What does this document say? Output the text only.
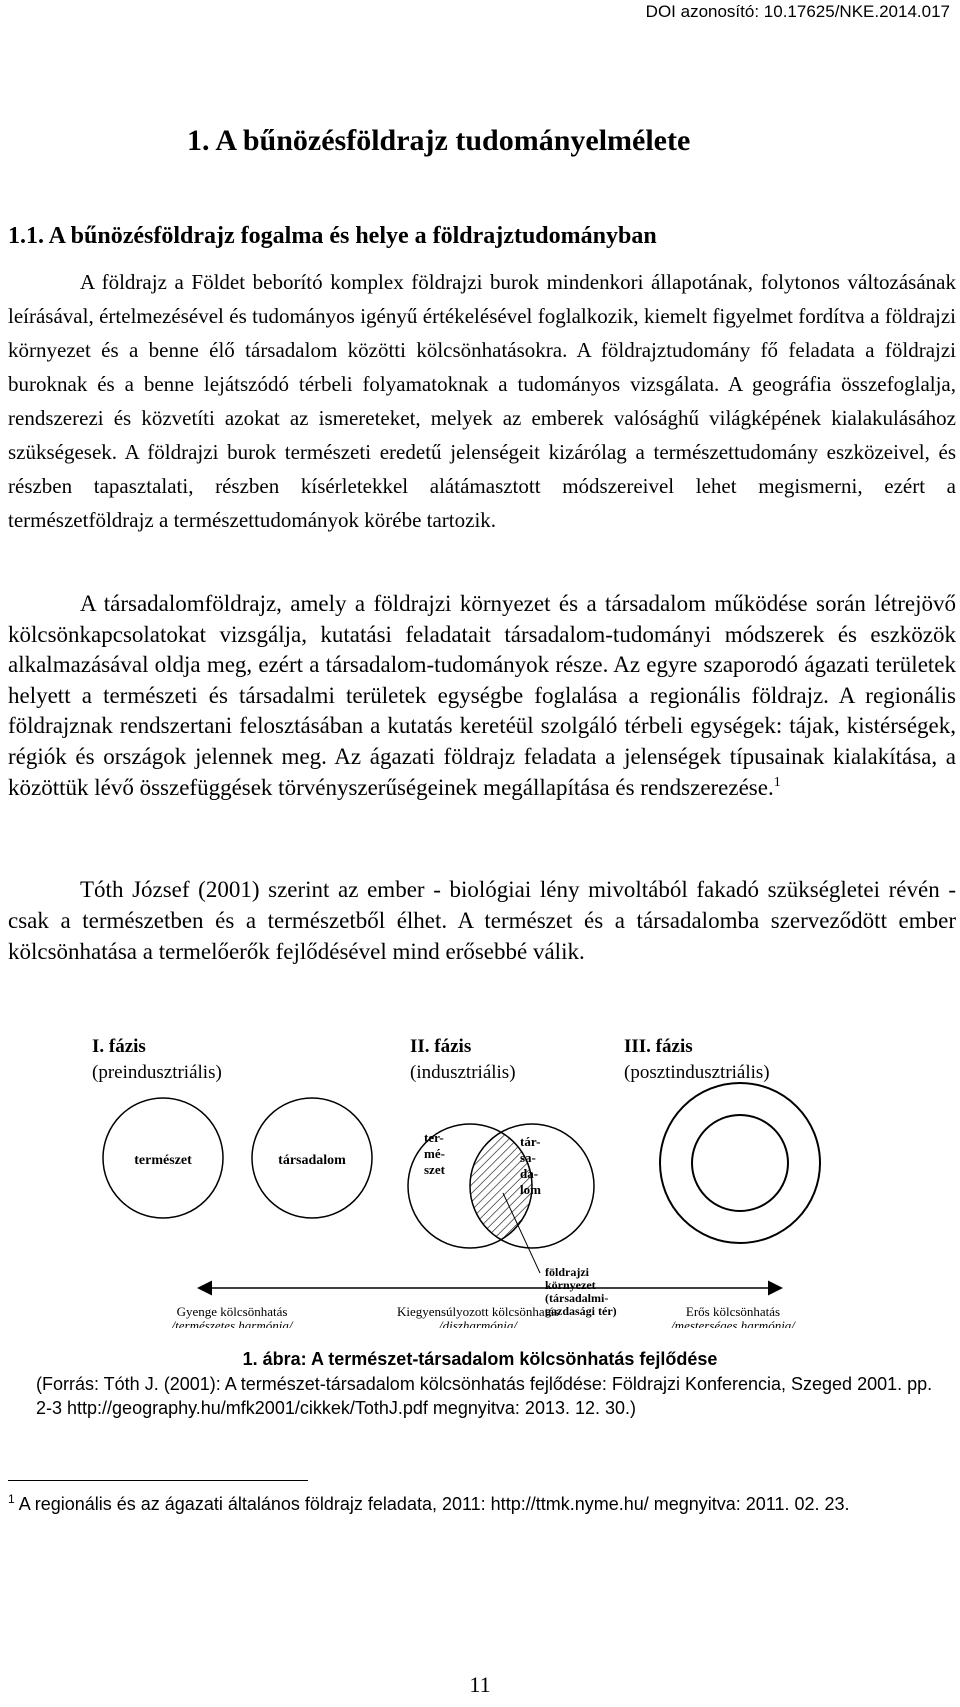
DOI azonosító: 10.17625/NKE.2014.017
1. A bűnözésföldrajz tudományelmélete
1.1. A bűnözésföldrajz fogalma és helye a földrajztudományban

A földrajz a Földet beborító komplex földrajzi burok mindenkori állapotának, folytonos változásának leírásával, értelmezésével és tudományos igényű értékelésével foglalkozik, kiemelt figyelmet fordítva a földrajzi környezet és a benne élő társadalom közötti kölcsönhatásokra. A földrajztudomány fő feladata a földrajzi buroknak és a benne lejátszódó térbeli folyamatoknak a tudományos vizsgálata. A geográfia összefoglalja, rendszerezi és közvetíti azokat az ismereteket, melyek az emberek valósághű világképének kialakulásához szükségesek. A földrajzi burok természeti eredetű jelenségeit kizárólag a természettudomány eszközeivel, és részben tapasztalati, részben kísérletekkel alátámasztott módszereivel lehet megismerni, ezért a természetföldrajz a természettudományok körébe tartozik.

A társadalomföldrajz, amely a földrajzi környezet és a társadalom működése során létrejövő kölcsönkapcsolatokat vizsgálja, kutatási feladatait társadalom-tudományi módszerek és eszközök alkalmazásával oldja meg, ezért a társadalom-tudományok része. Az egyre szaporodó ágazati területek helyett a természeti és társadalmi területek egységbe foglalása a regionális földrajz. A regionális földrajznak rendszertani felosztásában a kutatás keretéül szolgáló térbeli egységek: tájak, kistérségek, régiók és országok jelennek meg. Az ágazati földrajz feladata a jelenségek típusainak kialakítása, a közöttük lévő összefüggések törvényszerűségeinek megállapítása és rendszerezése.$^1$

Tóth József (2001) szerint az ember - biológiai lény mivoltából fakadó szükségletei révén - csak a természetben és a természetből élhet. A természet és a társadalomba szerveződött ember kölcsönhatása a termelőerők fejlődésével mind erősebbé válik.

I. fázis
(preindusztriális)
II. fázis
(indusztriális)
III. fázis
(posztindusztriális)
természet	társadalom
ter- mé- szet
tár- sa- da- lom
földrajzi környezet (társadalmi- gazdasági tér)
Gyenge kölcsönhatás
/természetes harmónia/
Kiegyensúlyozott kölcsönhatás
/diszharmónia/
Erős kölcsönhatás
/mesterséges harmónia/
1. ábra: A természet-társadalom kölcsönhatás fejlődése
(Forrás: Tóth J. (2001): A természet-társadalom kölcsönhatás fejlődése: Földrajzi Konferencia, Szeged 2001. pp. 2-3 http://geography.hu/mfk2001/cikkek/TothJ.pdf megnyitva: 2013. 12. 30.)
$^1$ A regionális és az ágazati általános földrajz feladata, 2011: http://ttmk.nyme.hu/ megnyitva: 2011. 02. 23.
11
